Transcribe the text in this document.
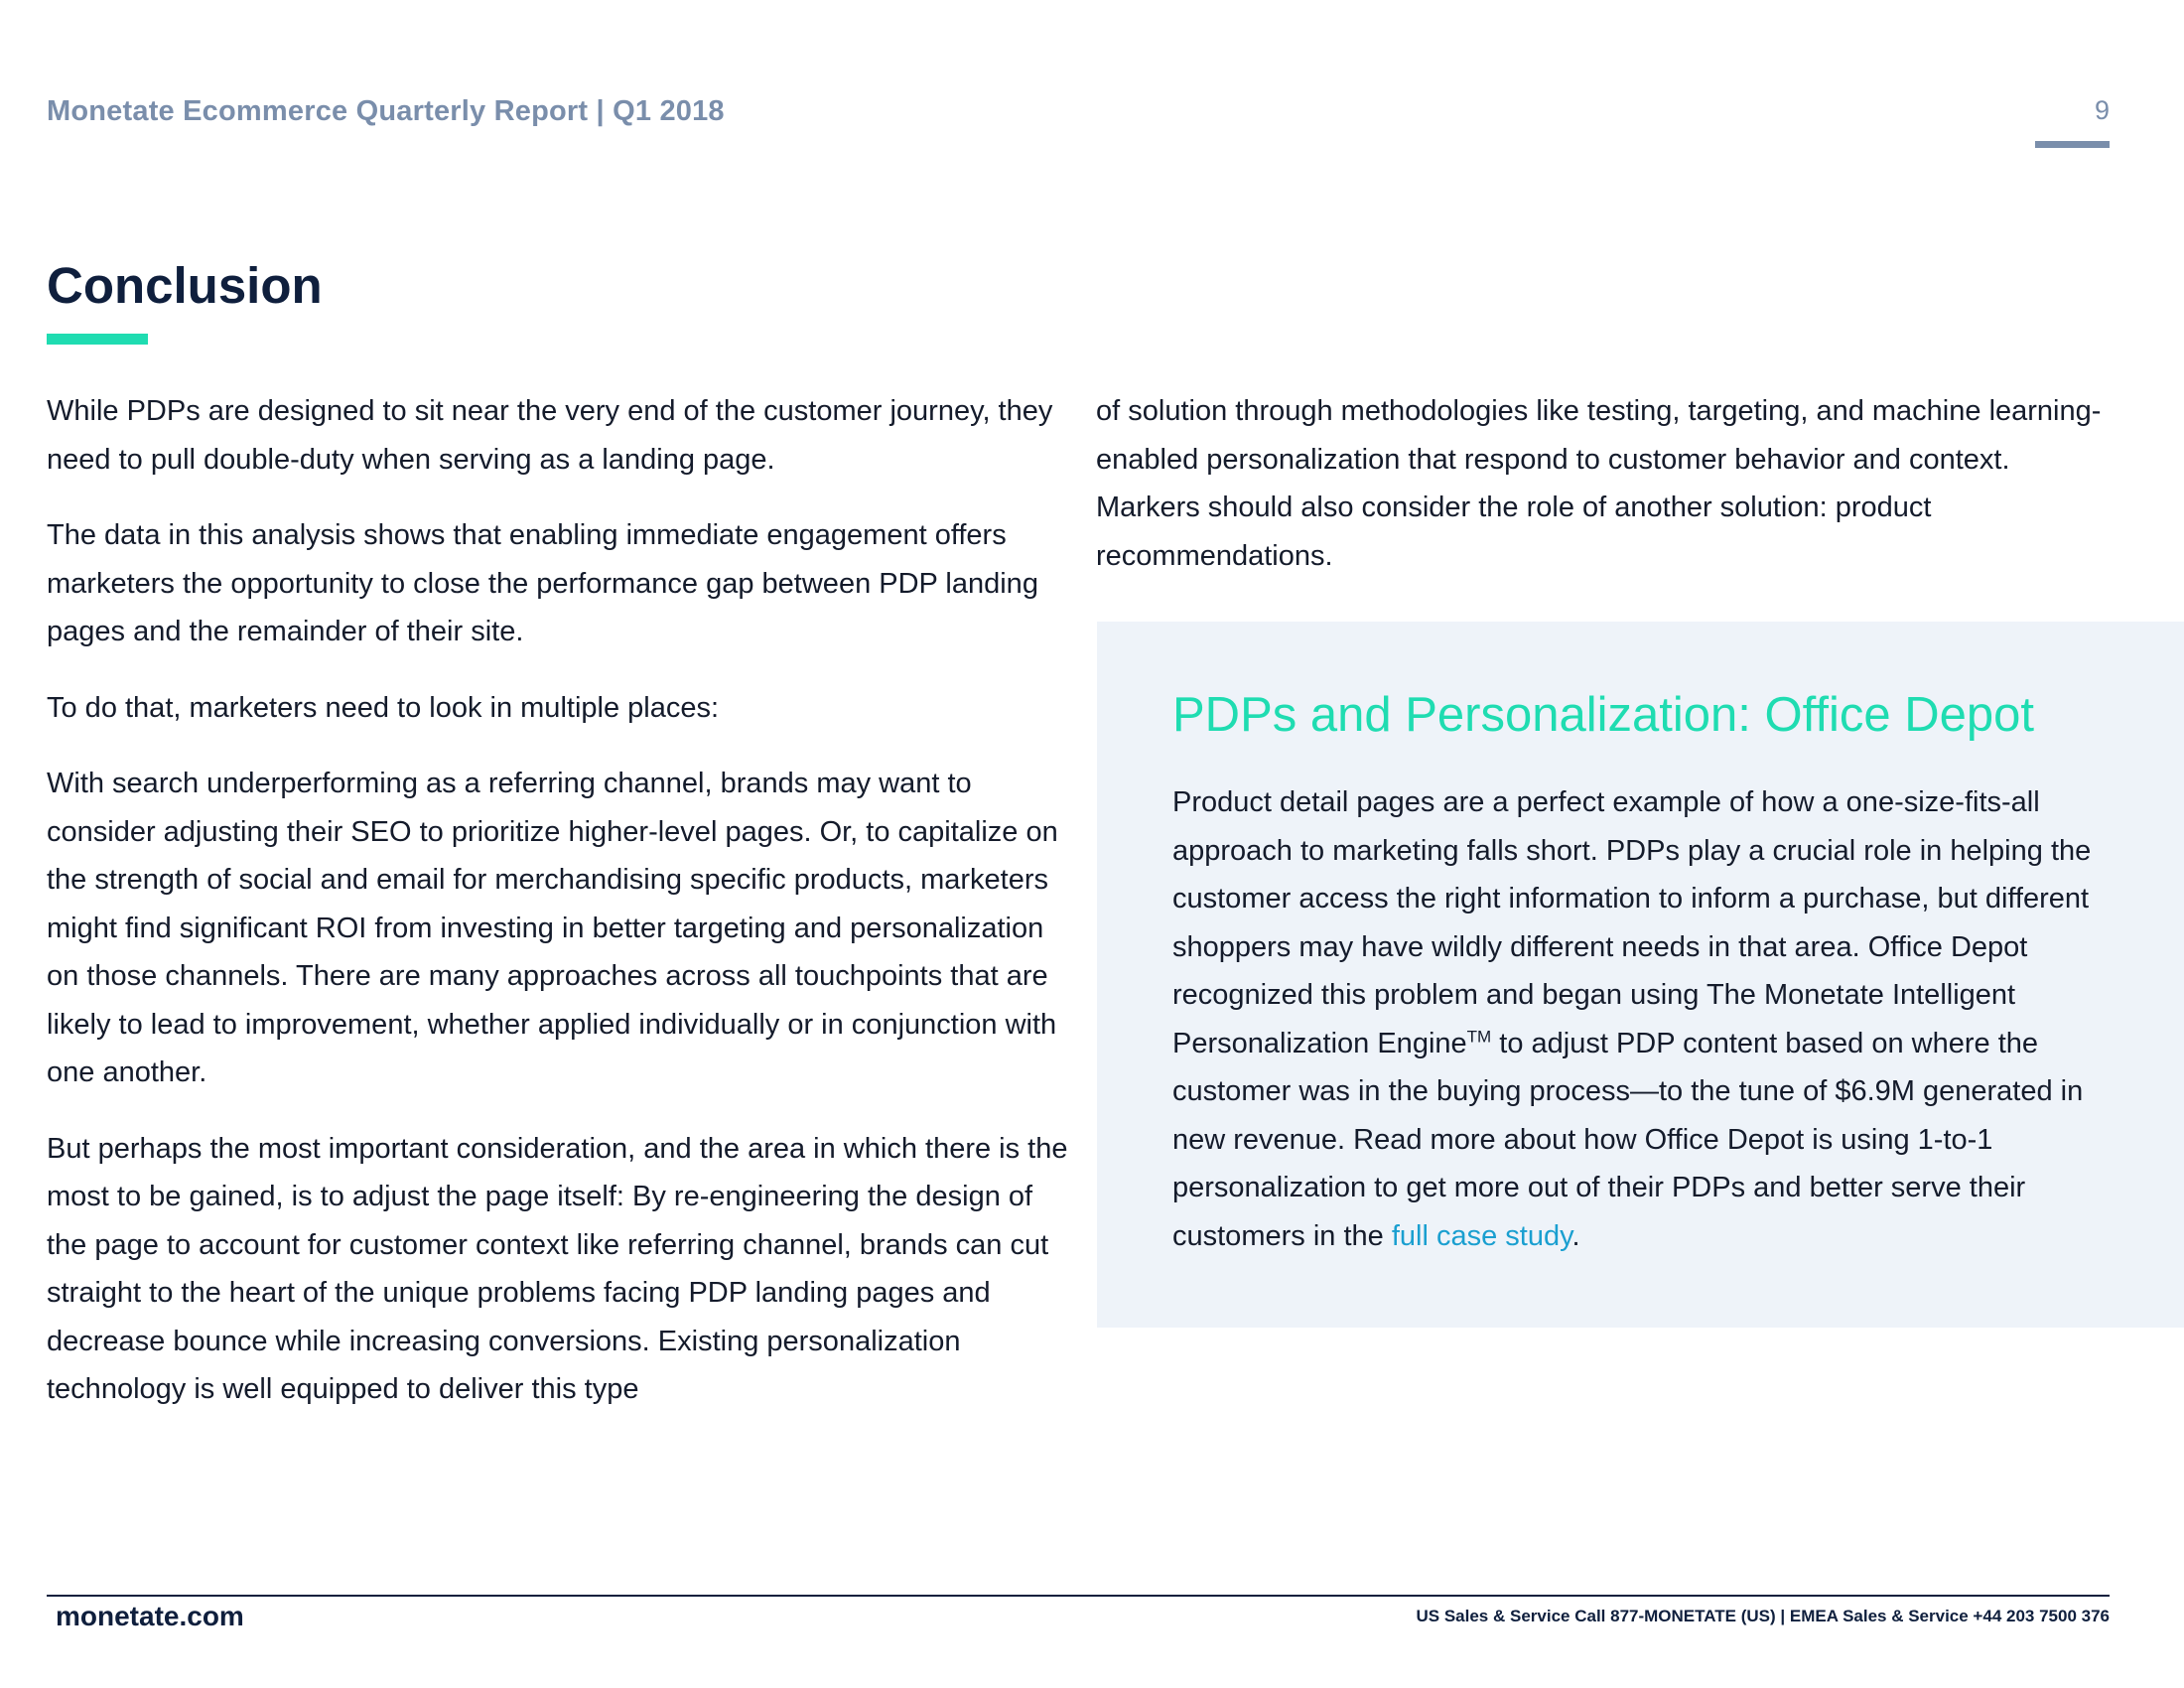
Monetate Ecommerce Quarterly Report | Q1 2018	9
Conclusion

While PDPs are designed to sit near the very end of the customer journey, they need to pull double-duty when serving as a landing page.

The data in this analysis shows that enabling immediate engagement offers marketers the opportunity to close the performance gap between PDP landing pages and the remainder of their site.

To do that, marketers need to look in multiple places:

With search underperforming as a referring channel, brands may want to consider adjusting their SEO to prioritize higher-level pages. Or, to capitalize on the strength of social and email for merchandising specific products, marketers might find significant ROI from investing in better targeting and personalization on those channels. There are many approaches across all touchpoints that are likely to lead to improvement, whether applied individually or in conjunction with one another.

But perhaps the most important consideration, and the area in which there is the most to be gained, is to adjust the page itself: By re-engineering the design of the page to account for customer context like referring channel, brands can cut straight to the heart of the unique problems facing PDP landing pages and decrease bounce while increasing conversions. Existing personalization technology is well equipped to deliver this type

of solution through methodologies like testing, targeting, and machine learning-enabled personalization that respond to customer behavior and context. Markers should also consider the role of another solution: product recommendations.

PDPs and Personalization: Office Depot

Product detail pages are a perfect example of how a one-size-fits-all approach to marketing falls short. PDPs play a crucial role in helping the customer access the right information to inform a purchase, but different shoppers may have wildly different needs in that area. Office Depot recognized this problem and began using The Monetate Intelligent Personalization Engine™ to adjust PDP content based on where the customer was in the buying process—to the tune of $6.9M generated in new revenue. Read more about how Office Depot is using 1-to-1 personalization to get more out of their PDPs and better serve their customers in the full case study.

monetate.com	US Sales & Service Call 877-MONETATE (US) | EMEA Sales & Service +44 203 7500 376
